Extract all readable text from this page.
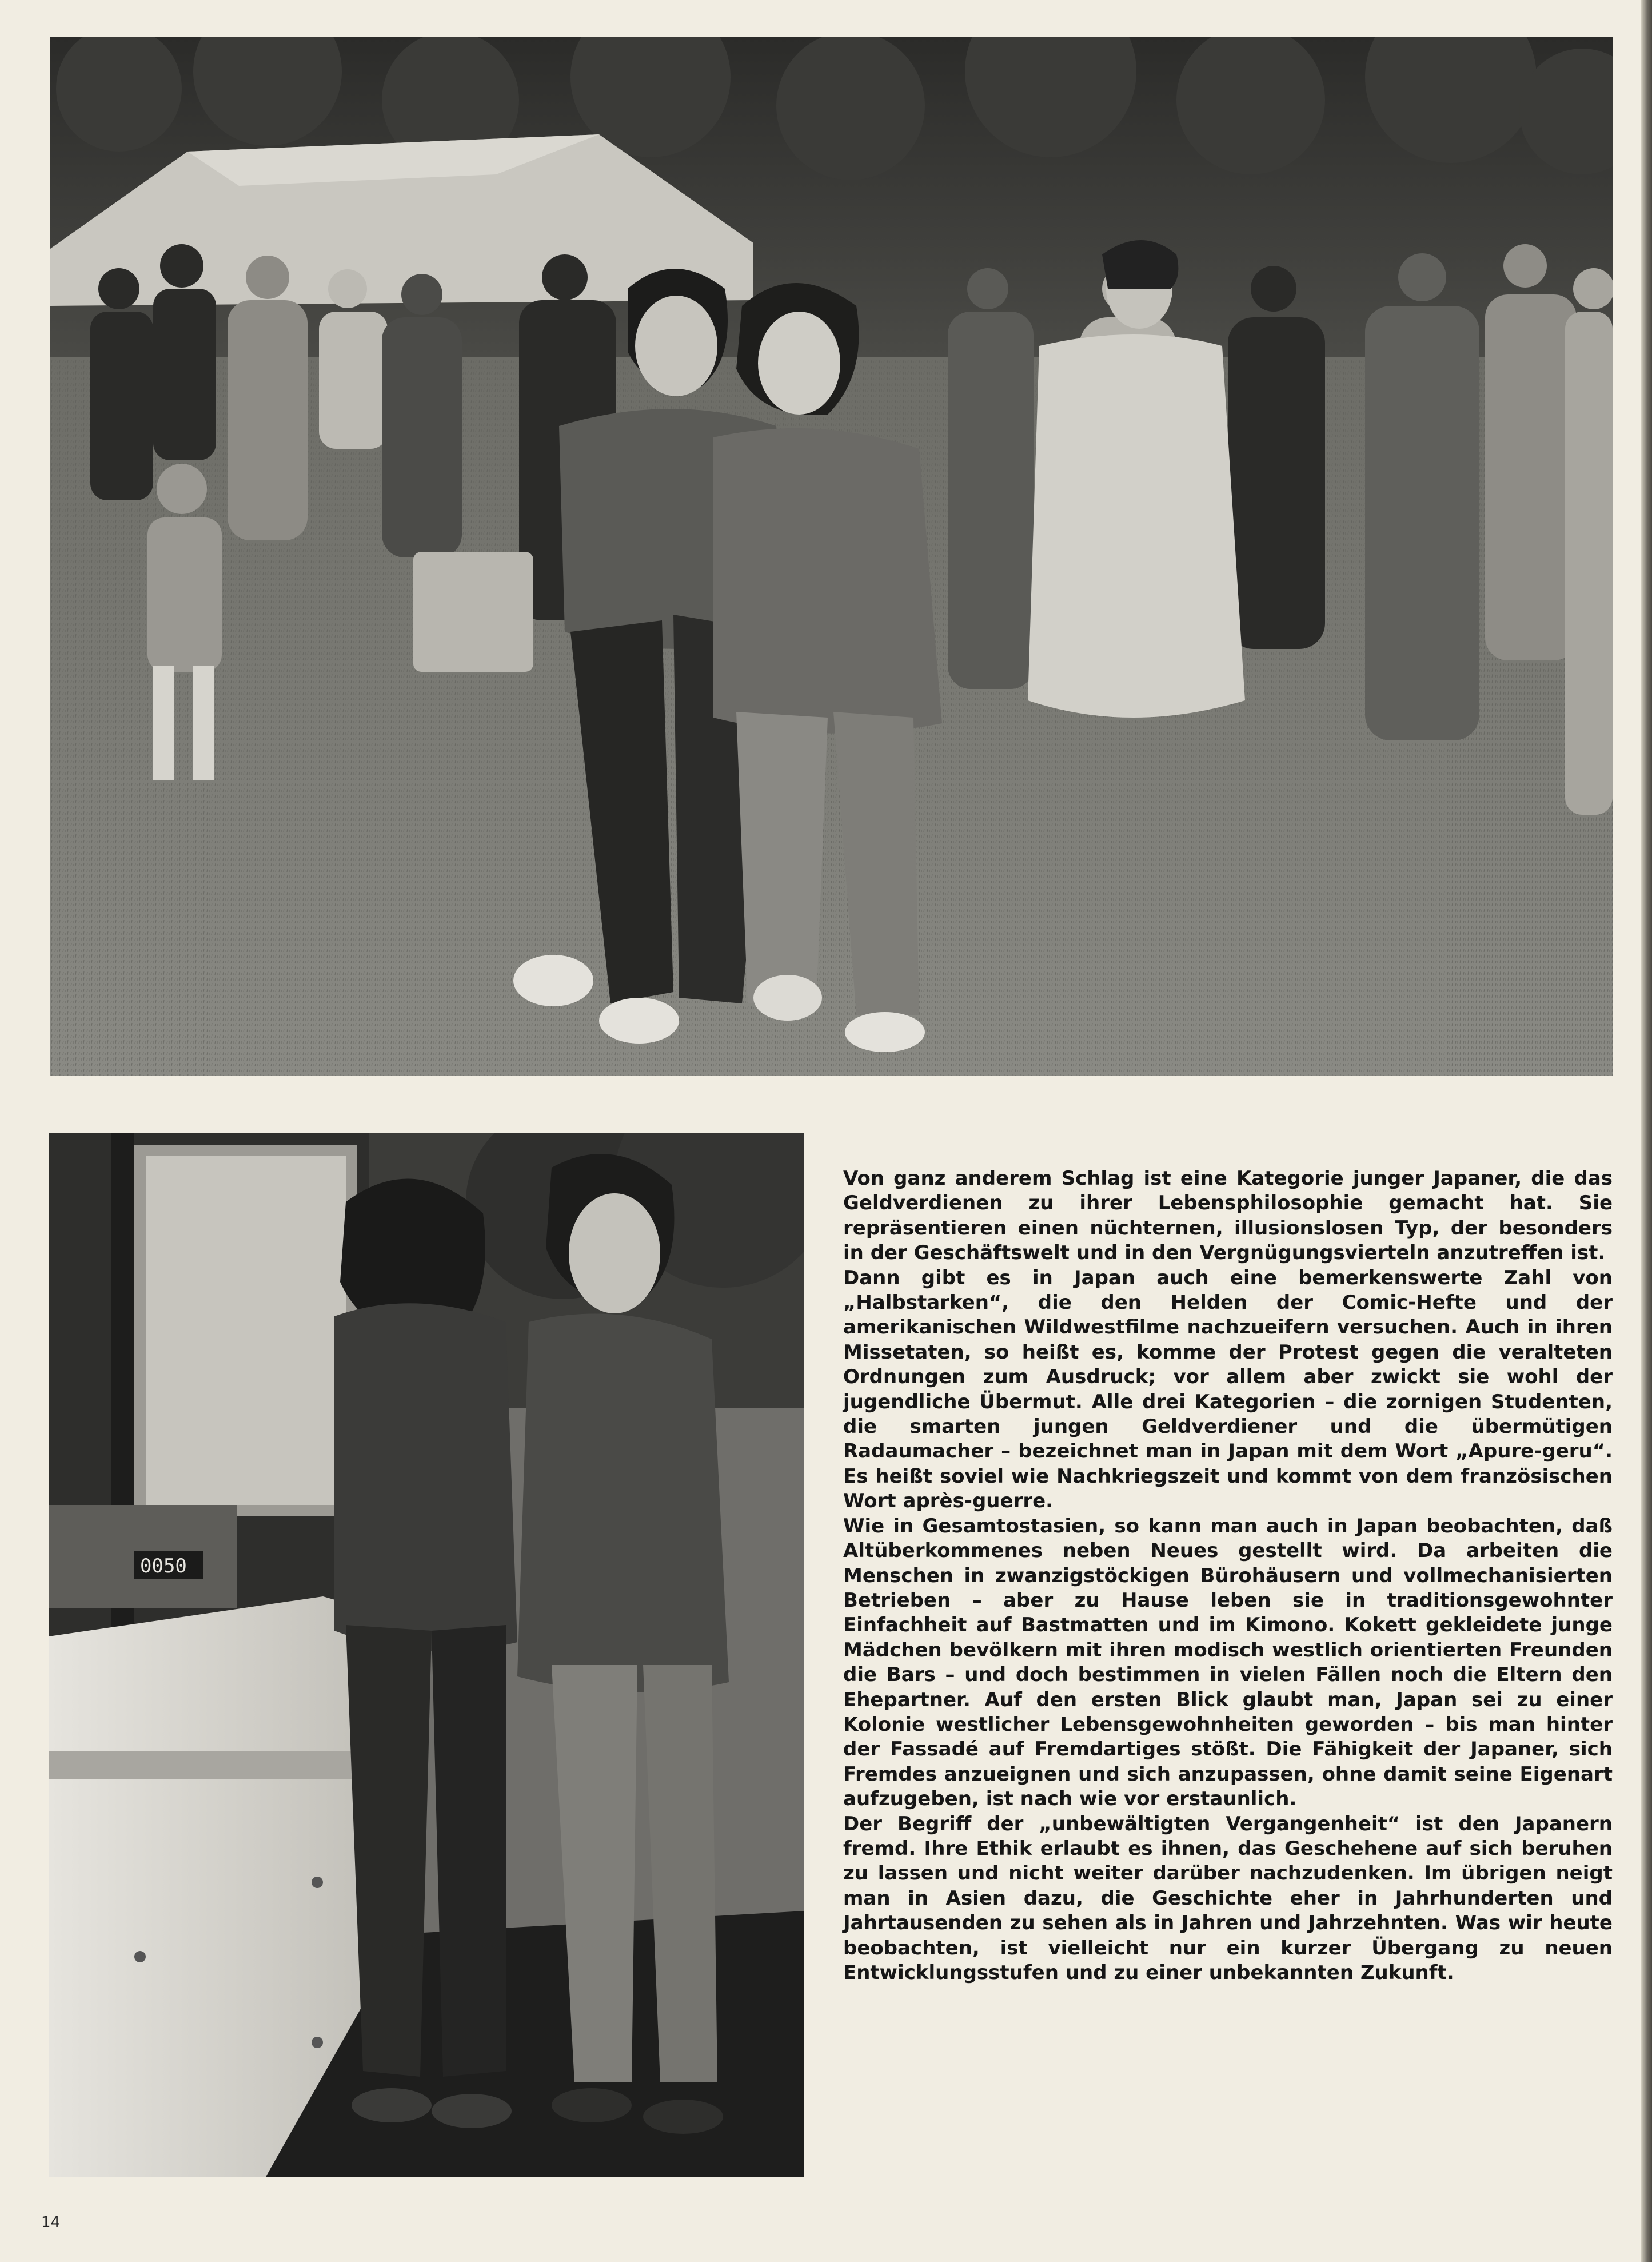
0050

Von ganz anderem Schlag ist eine Kategorie junger Japaner, die das Geldverdienen zu ihrer Lebensphilosophie gemacht hat. Sie repräsentieren einen nüchternen, illusionslosen Typ, der besonders in der Geschäftswelt und in den Vergnügungsvierteln anzutreffen ist.

Dann gibt es in Japan auch eine bemerkenswerte Zahl von „Halbstarken“, die den Helden der Comic-Hefte und der amerikanischen Wildwestfilme nachzueifern versuchen. Auch in ihren Missetaten, so heißt es, komme der Protest gegen die veralteten Ordnungen zum Ausdruck; vor allem aber zwickt sie wohl der jugendliche Übermut. Alle drei Kategorien – die zornigen Studenten, die smarten jungen Geldverdiener und die übermütigen Radaumacher – bezeichnet man in Japan mit dem Wort „Apure-geru“. Es heißt soviel wie Nachkriegszeit und kommt von dem französischen Wort après-guerre.

Wie in Gesamtostasien, so kann man auch in Japan beobachten, daß Altüberkommenes neben Neues gestellt wird. Da arbeiten die Menschen in zwanzigstöckigen Bürohäusern und vollmechanisierten Betrieben – aber zu Hause leben sie in traditionsgewohnter Einfachheit auf Bastmatten und im Kimono. Kokett gekleidete junge Mädchen bevölkern mit ihren modisch westlich orientierten Freunden die Bars – und doch bestimmen in vielen Fällen noch die Eltern den Ehepartner. Auf den ersten Blick glaubt man, Japan sei zu einer Kolonie westlicher Lebensgewohnheiten geworden – bis man hinter der Fassadé auf Fremdartiges stößt. Die Fähigkeit der Japaner, sich Fremdes anzueignen und sich anzupassen, ohne damit seine Eigenart aufzugeben, ist nach wie vor erstaunlich.

Der Begriff der „unbewältigten Vergangenheit“ ist den Japanern fremd. Ihre Ethik erlaubt es ihnen, das Geschehene auf sich beruhen zu lassen und nicht weiter darüber nachzudenken. Im übrigen neigt man in Asien dazu, die Geschichte eher in Jahrhunderten und Jahrtausenden zu sehen als in Jahren und Jahrzehnten. Was wir heute beobachten, ist vielleicht nur ein kurzer Übergang zu neuen Entwicklungsstufen und zu einer unbekannten Zukunft.

14
